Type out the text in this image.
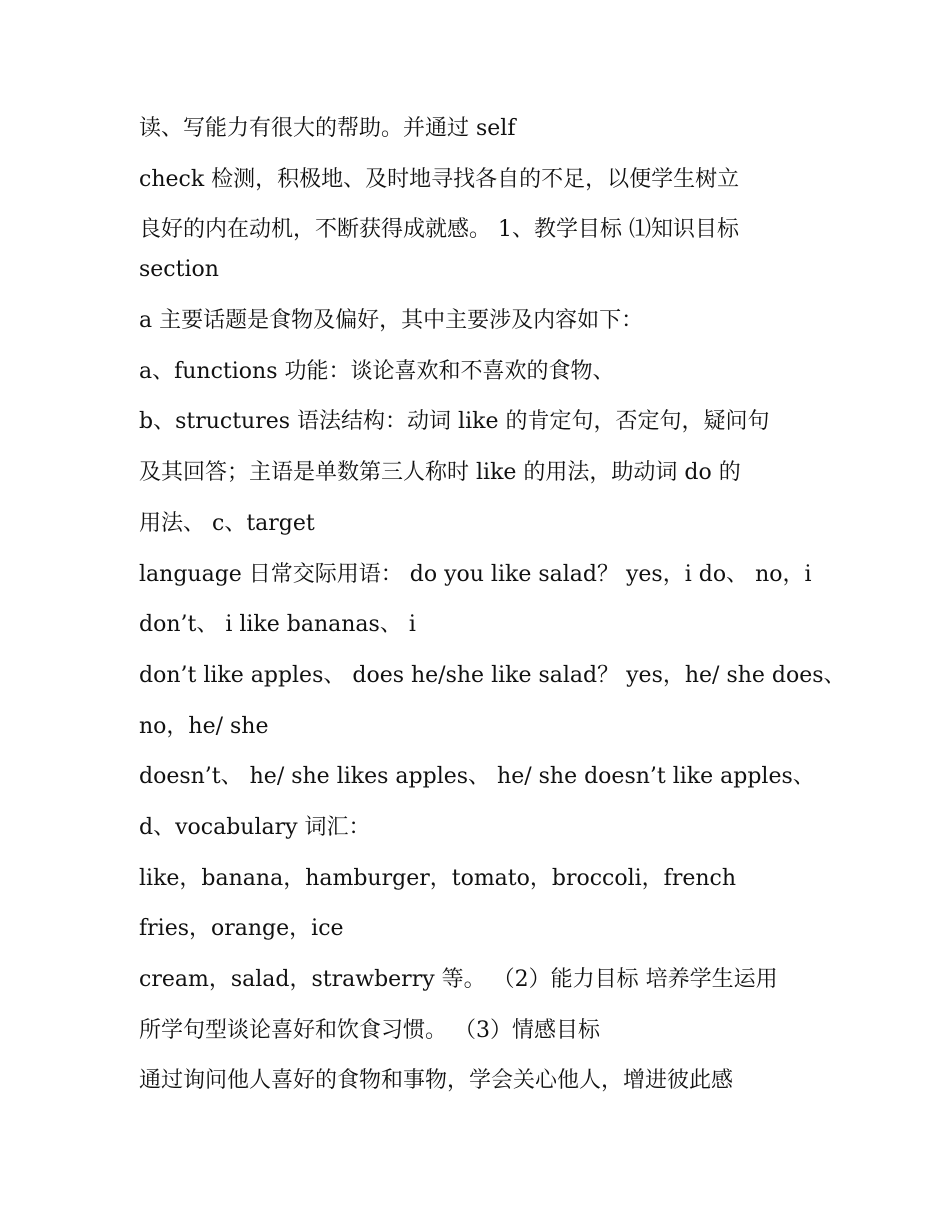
读、写能力有很大的帮助。并通过 self
check 检测，积极地、及时地寻找各自的不足，以便学生树立
良好的内在动机，不断获得成就感。 1、教学目标 ⑴知识目标
section
a 主要话题是食物及偏好，其中主要涉及内容如下：
a、functions 功能：谈论喜欢和不喜欢的食物、
b、structures 语法结构：动词 like 的肯定句，否定句，疑问句
及其回答；主语是单数第三人称时 like 的用法，助动词 do 的
用法、 c、target
language 日常交际用语： do you like salad？ yes，i do、 no，i
don’t、 i like bananas、 i
don’t like apples、 does he/she like salad？ yes，he/ she does、
no，he/ she
doesn’t、 he/ she likes apples、 he/ she doesn’t like apples、
d、vocabulary 词汇：
like，banana，hamburger，tomato，broccoli，french
fries，orange，ice
cream，salad，strawberry 等。 （2）能力目标 培养学生运用
所学句型谈论喜好和饮食习惯。 （3）情感目标
通过询问他人喜好的食物和事物，学会关心他人，增进彼此感
